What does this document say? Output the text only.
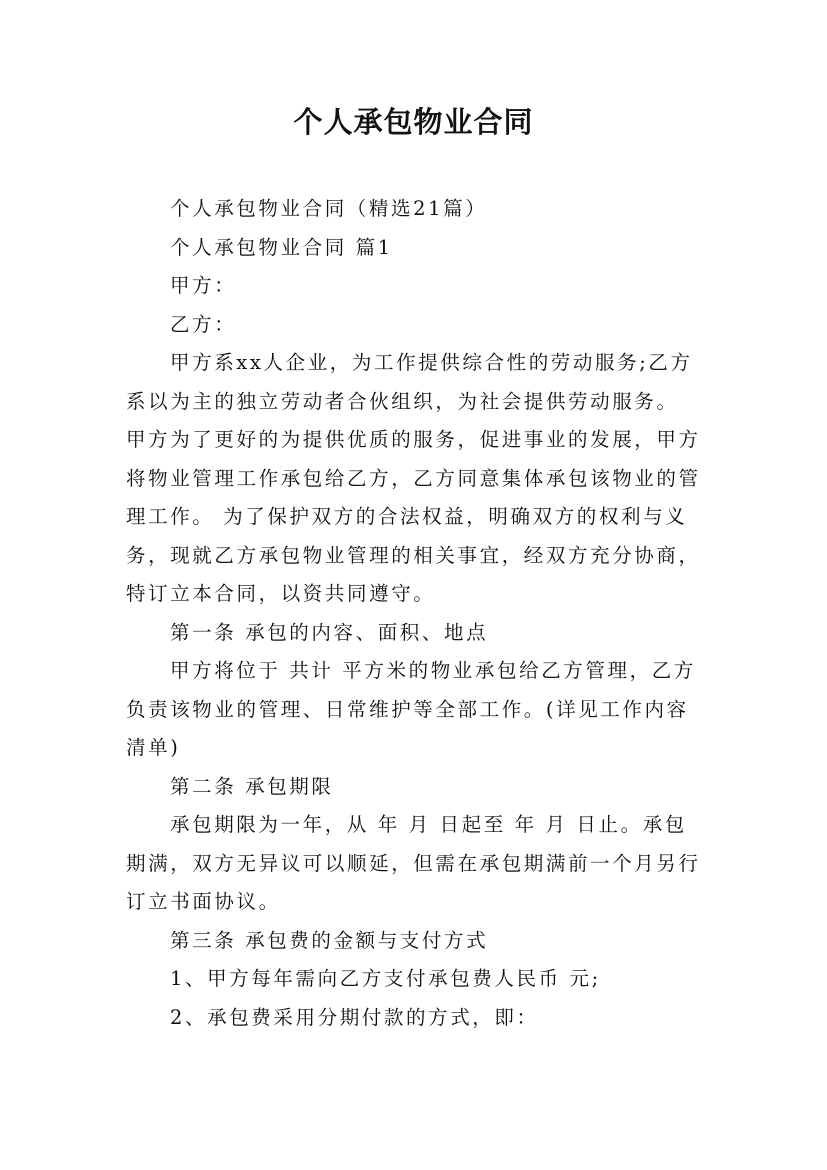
个人承包物业合同
个人承包物业合同（精选21篇）
个人承包物业合同 篇1
甲方：
乙方：
甲方系xx人企业，为工作提供综合性的劳动服务;乙方
系以为主的独立劳动者合伙组织，为社会提供劳动服务。
甲方为了更好的为提供优质的服务，促进事业的发展，甲方
将物业管理工作承包给乙方，乙方同意集体承包该物业的管
理工作。 为了保护双方的合法权益，明确双方的权利与义
务，现就乙方承包物业管理的相关事宜，经双方充分协商，
特订立本合同，以资共同遵守。
第一条 承包的内容、面积、地点
甲方将位于 共计 平方米的物业承包给乙方管理，乙方
负责该物业的管理、日常维护等全部工作。(详见工作内容
清单)
第二条 承包期限
承包期限为一年，从 年 月 日起至 年 月 日止。承包
期满，双方无异议可以顺延，但需在承包期满前一个月另行
订立书面协议。
第三条 承包费的金额与支付方式
1、甲方每年需向乙方支付承包费人民币 元;
2、承包费采用分期付款的方式，即：
